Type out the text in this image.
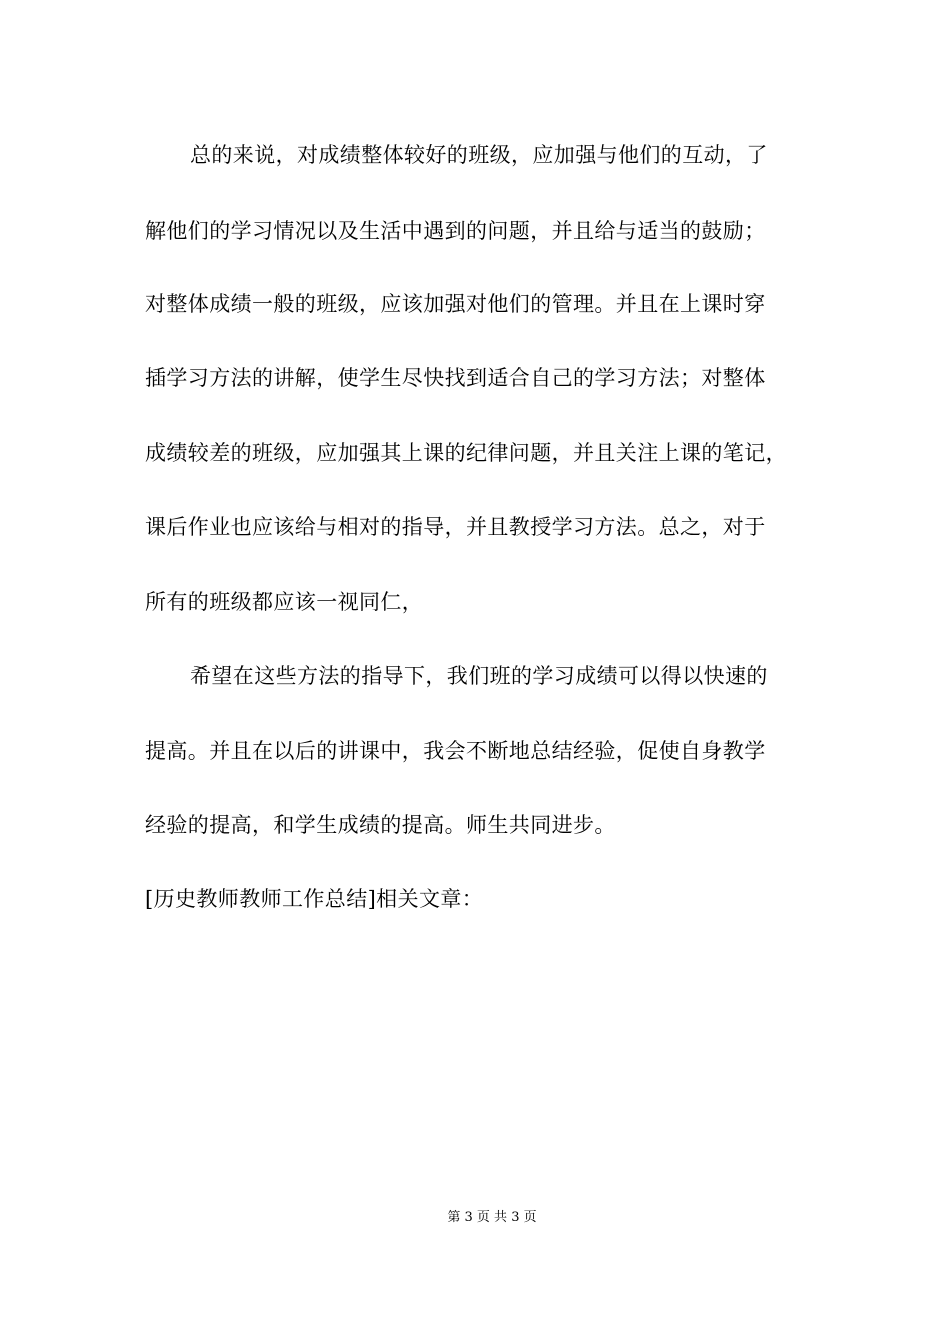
总的来说，对成绩整体较好的班级，应加强与他们的互动，了
解他们的学习情况以及生活中遇到的问题，并且给与适当的鼓励；
对整体成绩一般的班级，应该加强对他们的管理。并且在上课时穿
插学习方法的讲解，使学生尽快找到适合自己的学习方法；对整体
成绩较差的班级，应加强其上课的纪律问题，并且关注上课的笔记，
课后作业也应该给与相对的指导，并且教授学习方法。总之，对于
所有的班级都应该一视同仁，
希望在这些方法的指导下，我们班的学习成绩可以得以快速的
提高。并且在以后的讲课中，我会不断地总结经验，促使自身教学
经验的提高，和学生成绩的提高。师生共同进步。
[历史教师教师工作总结]相关文章：
第 3 页 共 3 页
